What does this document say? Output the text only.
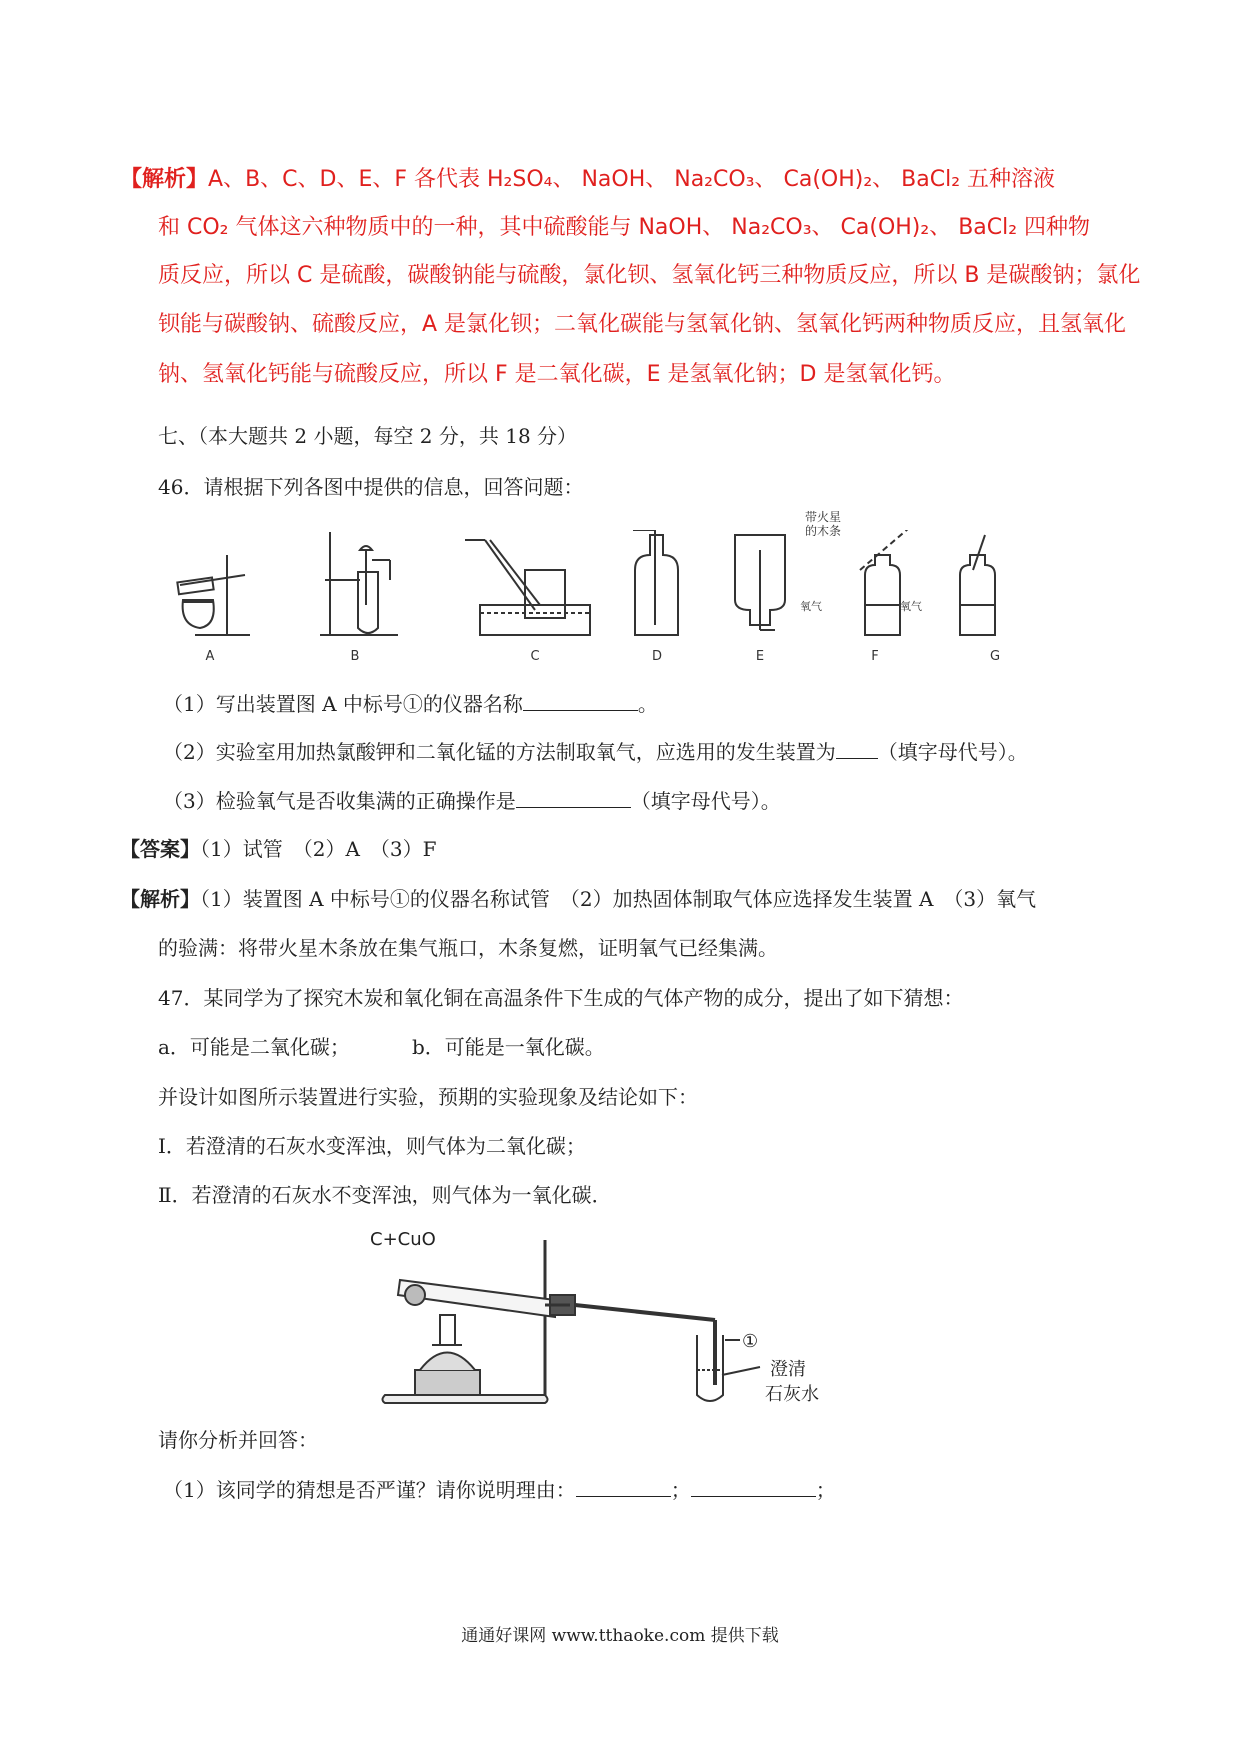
【解析】A、B、C、D、E、F 各代表 H₂SO₄、 NaOH、 Na₂CO₃、 Ca(OH)₂、 BaCl₂ 五种溶液
和 CO₂ 气体这六种物质中的一种，其中硫酸能与 NaOH、 Na₂CO₃、 Ca(OH)₂、 BaCl₂ 四种物
质反应，所以 C 是硫酸，碳酸钠能与硫酸，氯化钡、氢氧化钙三种物质反应，所以 B 是碳酸钠；氯化
钡能与碳酸钠、硫酸反应，A 是氯化钡；二氧化碳能与氢氧化钠、氢氧化钙两种物质反应，且氢氧化
钠、氢氧化钙能与硫酸反应，所以 F 是二氧化碳，E 是氢氧化钠；D 是氢氧化钙。
七、（本大题共 2 小题，每空 2 分，共 18 分）
46．请根据下列各图中提供的信息，回答问题：
氧气	氧气
A	B	C	D	E	F	G
带火星
的木条
（1）写出装置图 A 中标号①的仪器名称	。
（2）实验室用加热氯酸钾和二氧化锰的方法制取氧气，应选用的发生装置为 （填字母代号）。
（3）检验氧气是否收集满的正确操作是	（填字母代号）。
【答案】（1）试管　（2）A　（3）F
【解析】（1）装置图 A 中标号①的仪器名称试管　（2）加热固体制取气体应选择发生装置 A　（3）氧气
的验满：将带火星木条放在集气瓶口，木条复燃，证明氧气已经集满。
47．某同学为了探究木炭和氧化铜在高温条件下生成的气体产物的成分，提出了如下猜想：
a．可能是二氧化碳；	b．可能是一氧化碳。
并设计如图所示装置进行实验，预期的实验现象及结论如下：
Ⅰ．若澄清的石灰水变浑浊，则气体为二氧化碳；
Ⅱ．若澄清的石灰水不变浑浊，则气体为一氧化碳．
C+CuO
①
澄清
石灰水
请你分析并回答：
（1）该同学的猜想是否严谨？请你说明理由：	；	；
通通好课网 www.tthaoke.com 提供下载
